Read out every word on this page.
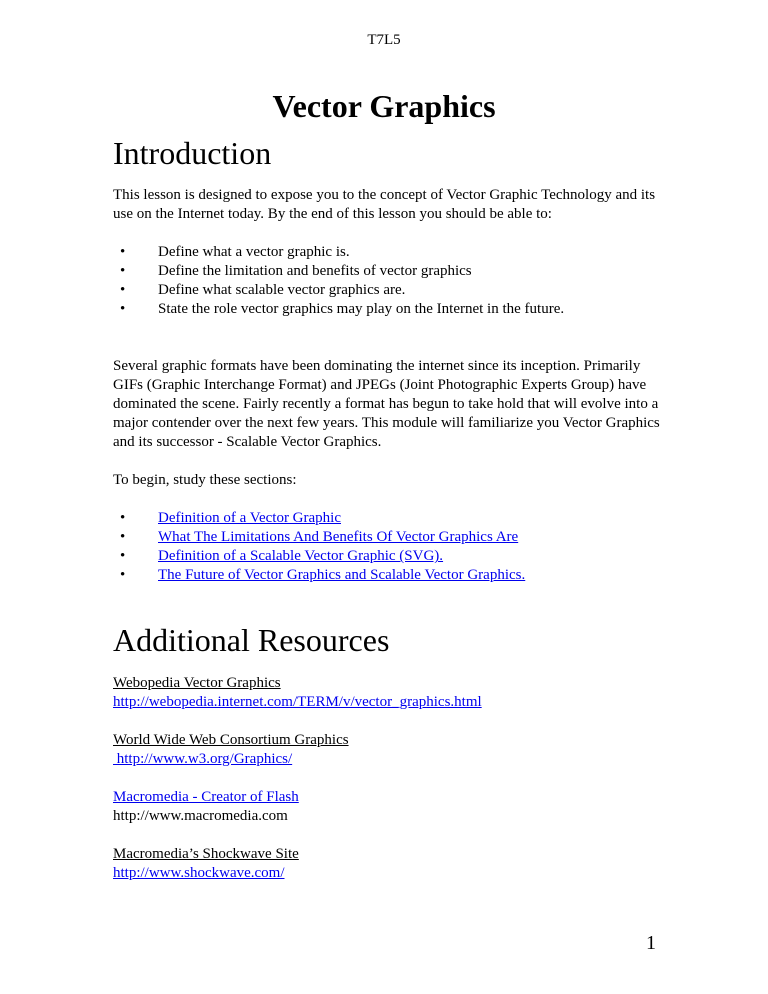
T7L5
Vector Graphics
Introduction

This lesson is designed to expose you to the concept of Vector Graphic Technology and its use on the Internet today. By the end of this lesson you should be able to:

• Define what a vector graphic is.
• Define the limitation and benefits of vector graphics
• Define what scalable vector graphics are.
• State the role vector graphics may play on the Internet in the future.

Several graphic formats have been dominating the internet since its inception. Primarily GIFs (Graphic Interchange Format) and JPEGs (Joint Photographic Experts Group) have dominated the scene. Fairly recently a format has begun to take hold that will evolve into a major contender over the next few years. This module will familiarize you Vector Graphics and its successor - Scalable Vector Graphics.

To begin, study these sections:

• Definition of a Vector Graphic
• What The Limitations And Benefits Of Vector Graphics Are
• Definition of a Scalable Vector Graphic (SVG).
• The Future of Vector Graphics and Scalable Vector Graphics.
Additional Resources
Webopedia Vector Graphics
http://webopedia.internet.com/TERM/v/vector_graphics.html
World Wide Web Consortium Graphics
http://www.w3.org/Graphics/
Macromedia - Creator of Flash
http://www.macromedia.com
Macromedia’s Shockwave Site
http://www.shockwave.com/
1
